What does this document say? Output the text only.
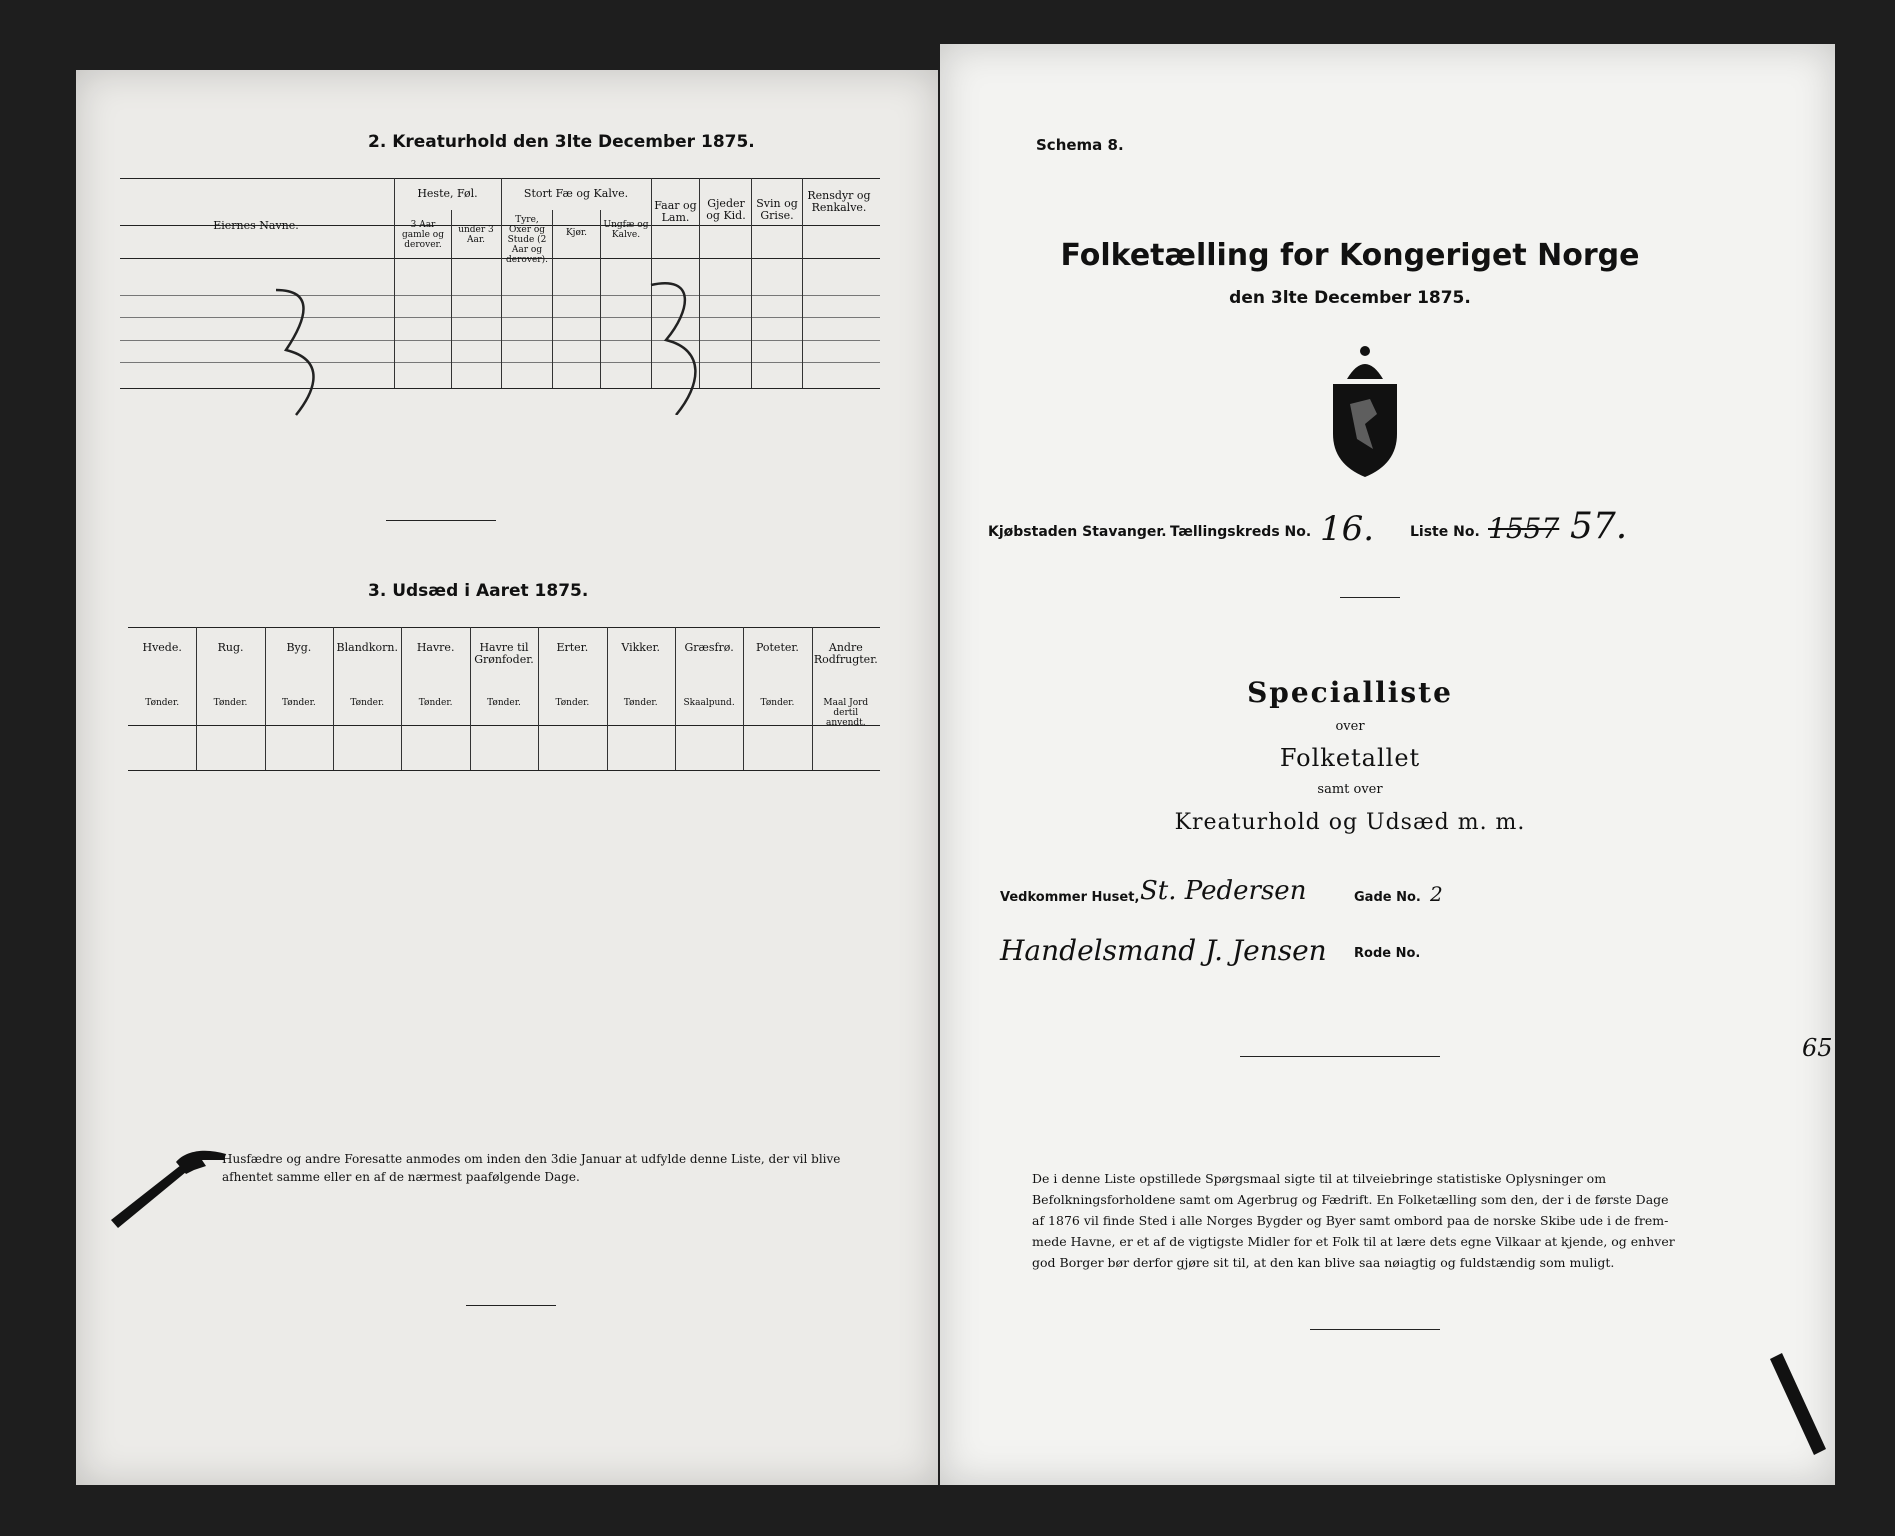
2. Kreaturhold den 3lte December 1875.
Eiernes Navne.
Heste, Føl.
3 Aar gamle og derover.
under 3 Aar.
Stort Fæ og Kalve.
Tyre, Oxer og Stude (2 Aar og derover).
Kjør.
Ungfæ og Kalve.
Faar og Lam.
Gjeder og Kid.
Svin og Grise.
Rensdyr og Renkalve.
3. Udsæd i Aaret 1875.
Hvede.
Tønder.
Rug.
Tønder.
Byg.
Tønder.
Blandkorn.
Tønder.
Havre.
Tønder.
Havre til Grønfoder.
Tønder.
Erter.
Tønder.
Vikker.
Tønder.
Græsfrø.
Skaalpund.
Poteter.
Tønder.
Andre Rodfrugter.
Maal Jord dertil anvendt.
Husfædre og andre Foresatte anmodes om inden den 3die Januar at udfylde denne Liste, der vil blive
afhentet samme eller en af de nærmest paafølgende Dage.
Schema 8.
Folketælling for Kongeriget Norge
den 3lte December 1875.
Kjøbstaden Stavanger. Tællingskreds No. 16.	Liste No. 1557 57.
Specialliste
over
Folketallet
samt over
Kreaturhold og Udsæd m. m.
Vedkommer Huset, St. Pedersen	Gade No. 2
Handelsmand J. Jensen Rode No.
De i denne Liste opstillede Spørgsmaal sigte til at tilveiebringe statistiske Oplysninger om
Befolkningsforholdene samt om Agerbrug og Fædrift. En Folketælling som den, der i de første Dage
af 1876 vil finde Sted i alle Norges Bygder og Byer samt ombord paa de norske Skibe ude i de frem-
mede Havne, er et af de vigtigste Midler for et Folk til at lære dets egne Vilkaar at kjende, og enhver
god Borger bør derfor gjøre sit til, at den kan blive saa nøiagtig og fuldstændig som muligt.
65
